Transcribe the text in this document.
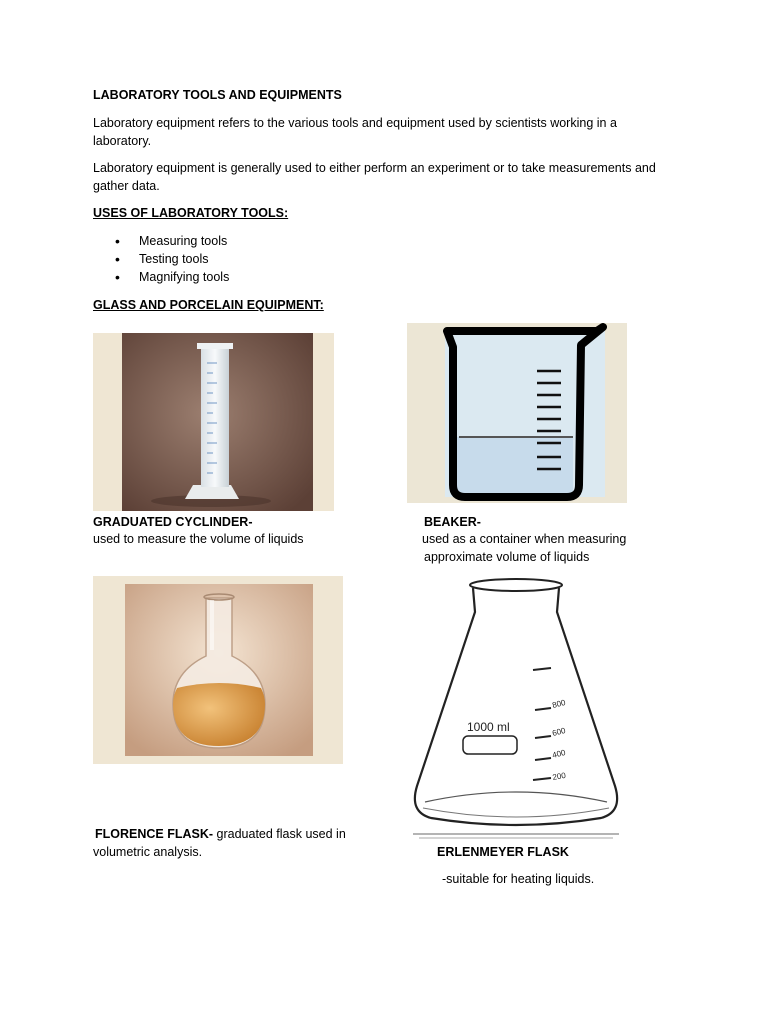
LABORATORY TOOLS AND EQUIPMENTS
Laboratory equipment refers to the various tools and equipment used by scientists working in a laboratory.
Laboratory equipment is generally used to either perform an experiment or to take measurements and gather data.
USES OF LABORATORY TOOLS:
• Measuring tools
• Testing tools
• Magnifying tools
GLASS AND PORCELAIN EQUIPMENT:
GRADUATED CYCLINDER-
used to measure the volume of liquids
BEAKER-
used as a container when measuring
approximate volume of liquids
1000 ml
800
600
400
200
FLORENCE FLASK- graduated flask used in
volumetric analysis.	ERLENMEYER FLASK
-suitable for heating liquids.
